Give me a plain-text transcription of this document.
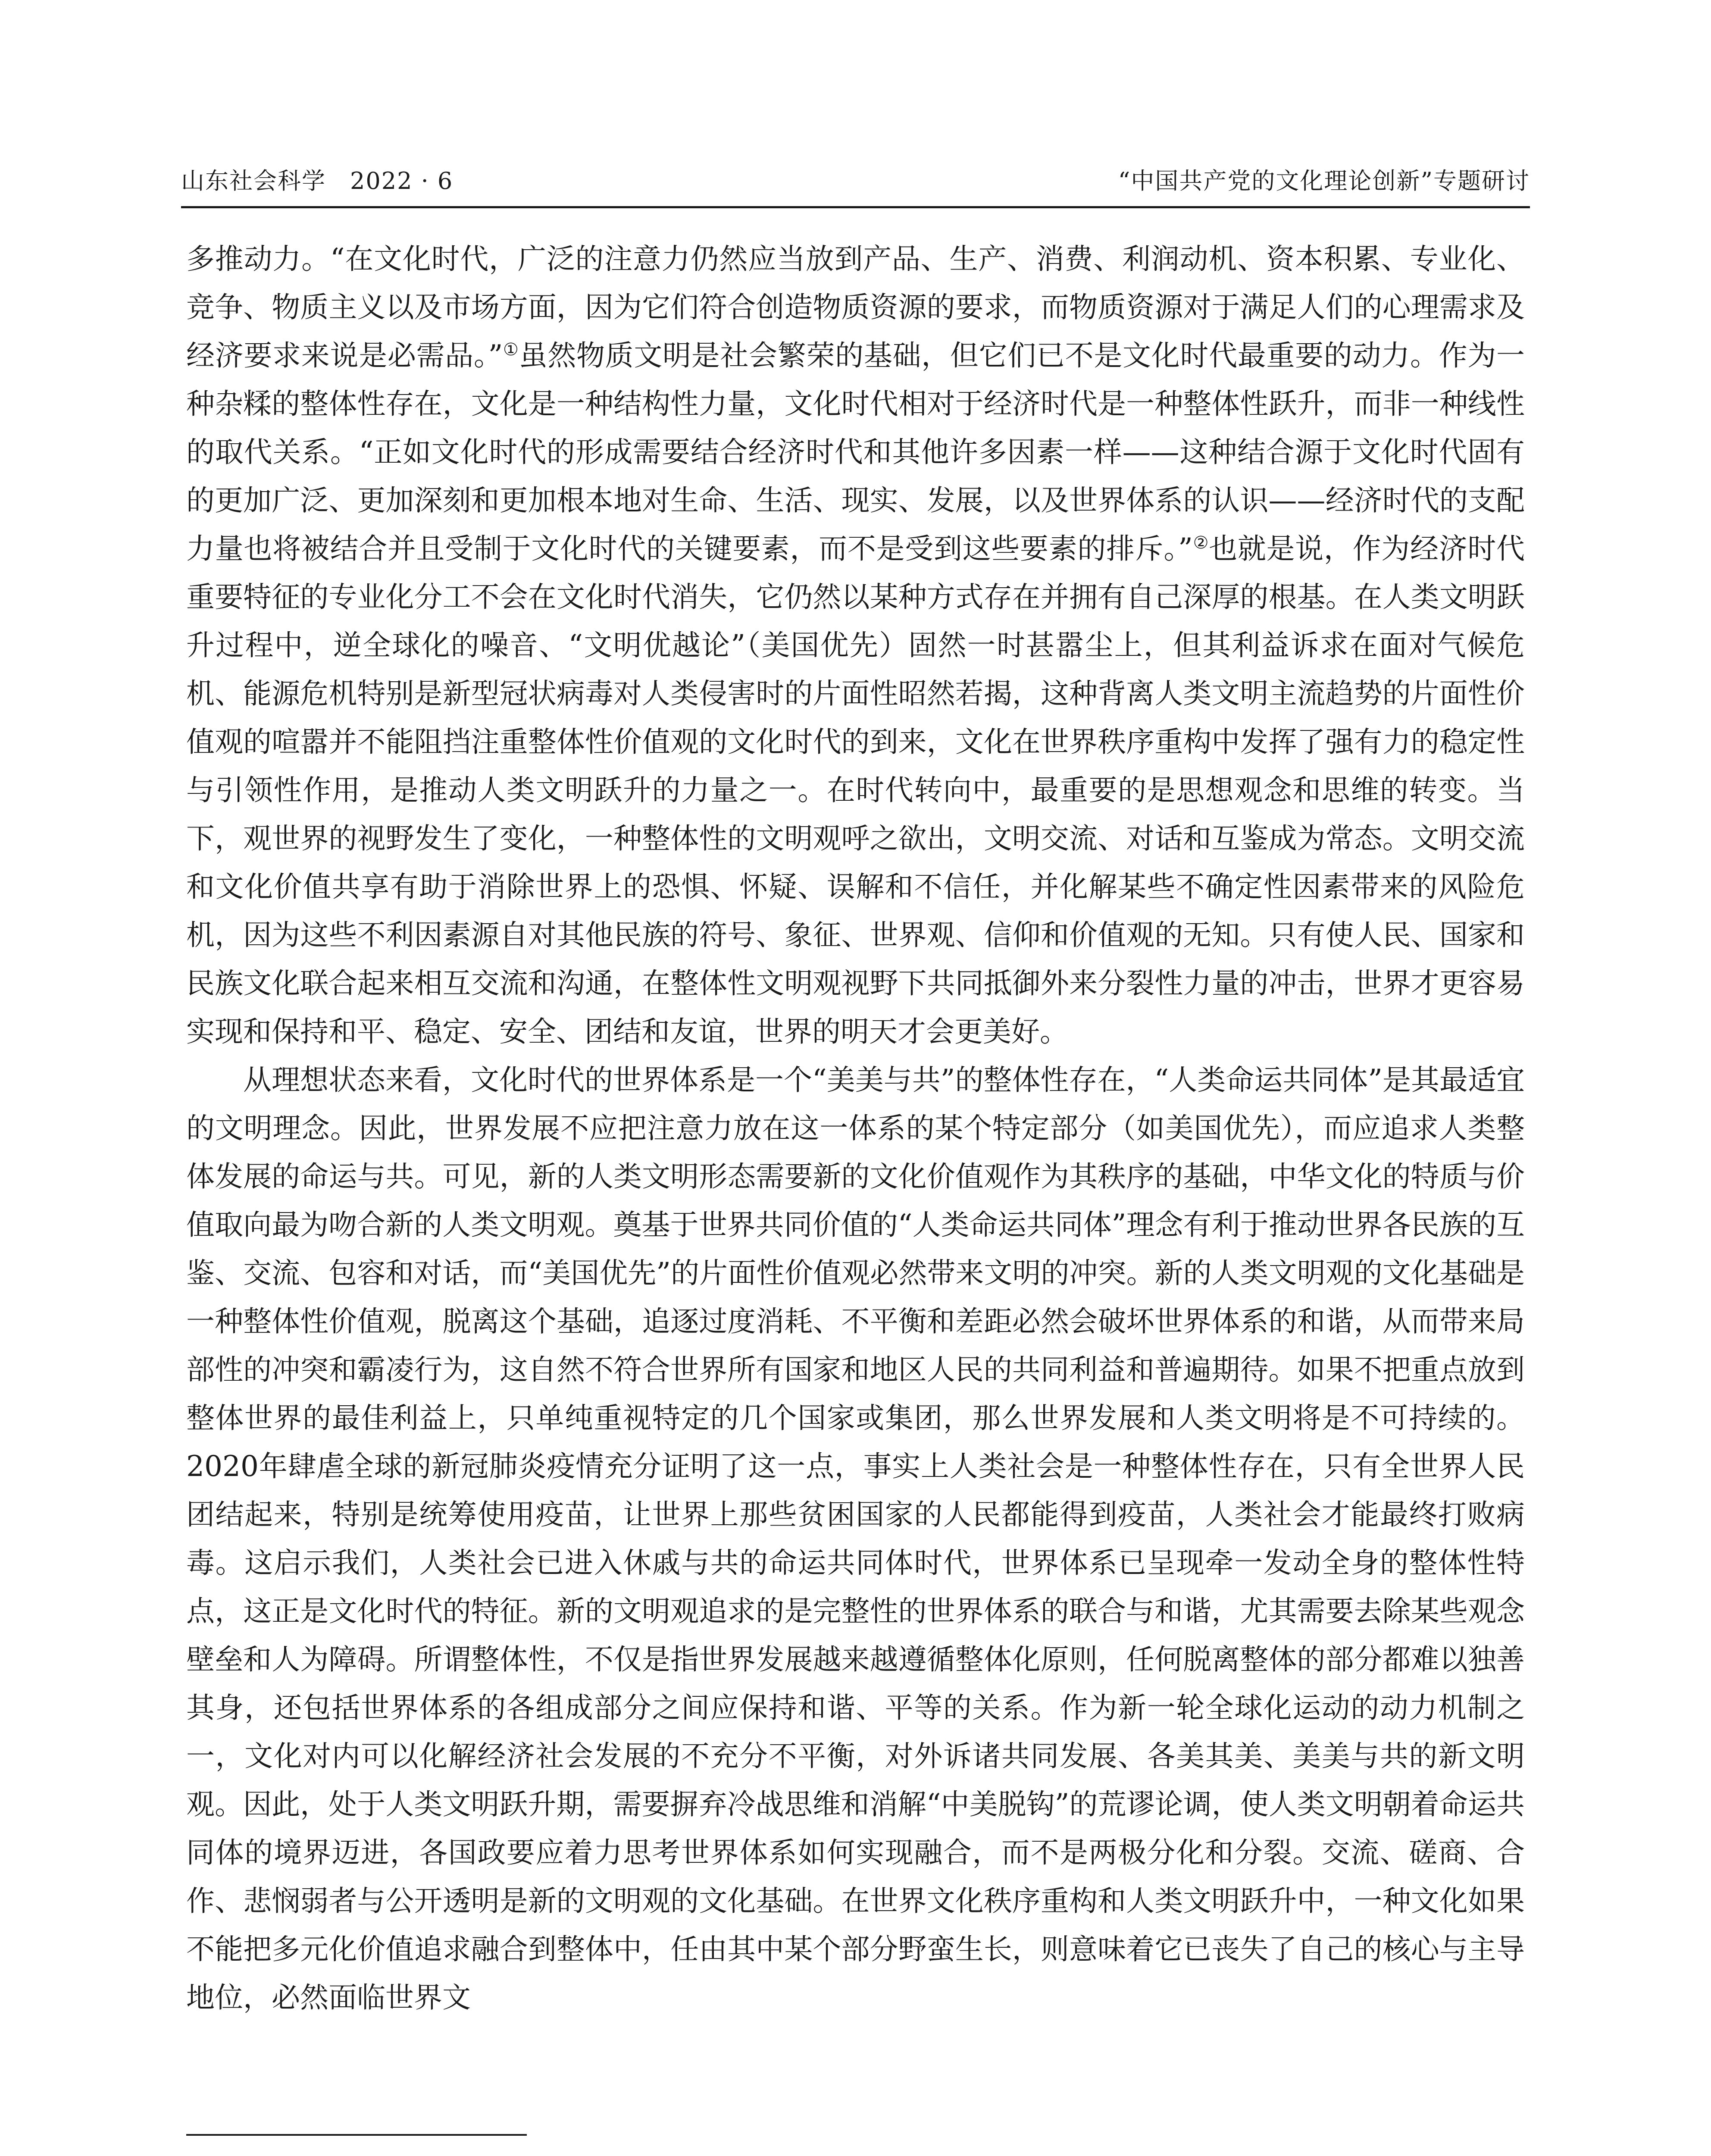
山东社会科学　2022 · 6	“中国共产党的文化理论创新”专题研讨

多推动力。“在文化时代，广泛的注意力仍然应当放到产品、生产、消费、利润动机、资本积累、专业化、竞争、物质主义以及市场方面，因为它们符合创造物质资源的要求，而物质资源对于满足人们的心理需求及经济要求来说是必需品。”①虽然物质文明是社会繁荣的基础，但它们已不是文化时代最重要的动力。作为一种杂糅的整体性存在，文化是一种结构性力量，文化时代相对于经济时代是一种整体性跃升，而非一种线性的取代关系。“正如文化时代的形成需要结合经济时代和其他许多因素一样——这种结合源于文化时代固有的更加广泛、更加深刻和更加根本地对生命、生活、现实、发展，以及世界体系的认识——经济时代的支配力量也将被结合并且受制于文化时代的关键要素，而不是受到这些要素的排斥。”②也就是说，作为经济时代重要特征的专业化分工不会在文化时代消失，它仍然以某种方式存在并拥有自己深厚的根基。在人类文明跃升过程中，逆全球化的噪音、“文明优越论”（美国优先）固然一时甚嚣尘上，但其利益诉求在面对气候危机、能源危机特别是新型冠状病毒对人类侵害时的片面性昭然若揭，这种背离人类文明主流趋势的片面性价值观的喧嚣并不能阻挡注重整体性价值观的文化时代的到来，文化在世界秩序重构中发挥了强有力的稳定性与引领性作用，是推动人类文明跃升的力量之一。在时代转向中，最重要的是思想观念和思维的转变。当下，观世界的视野发生了变化，一种整体性的文明观呼之欲出，文明交流、对话和互鉴成为常态。文明交流和文化价值共享有助于消除世界上的恐惧、怀疑、误解和不信任，并化解某些不确定性因素带来的风险危机，因为这些不利因素源自对其他民族的符号、象征、世界观、信仰和价值观的无知。只有使人民、国家和民族文化联合起来相互交流和沟通，在整体性文明观视野下共同抵御外来分裂性力量的冲击，世界才更容易实现和保持和平、稳定、安全、团结和友谊，世界的明天才会更美好。

从理想状态来看，文化时代的世界体系是一个“美美与共”的整体性存在，“人类命运共同体”是其最适宜的文明理念。因此，世界发展不应把注意力放在这一体系的某个特定部分（如美国优先），而应追求人类整体发展的命运与共。可见，新的人类文明形态需要新的文化价值观作为其秩序的基础，中华文化的特质与价值取向最为吻合新的人类文明观。奠基于世界共同价值的“人类命运共同体”理念有利于推动世界各民族的互鉴、交流、包容和对话，而“美国优先”的片面性价值观必然带来文明的冲突。新的人类文明观的文化基础是一种整体性价值观，脱离这个基础，追逐过度消耗、不平衡和差距必然会破坏世界体系的和谐，从而带来局部性的冲突和霸凌行为，这自然不符合世界所有国家和地区人民的共同利益和普遍期待。如果不把重点放到整体世界的最佳利益上，只单纯重视特定的几个国家或集团，那么世界发展和人类文明将是不可持续的。2020年肆虐全球的新冠肺炎疫情充分证明了这一点，事实上人类社会是一种整体性存在，只有全世界人民团结起来，特别是统筹使用疫苗，让世界上那些贫困国家的人民都能得到疫苗，人类社会才能最终打败病毒。这启示我们，人类社会已进入休戚与共的命运共同体时代，世界体系已呈现牵一发动全身的整体性特点，这正是文化时代的特征。新的文明观追求的是完整性的世界体系的联合与和谐，尤其需要去除某些观念壁垒和人为障碍。所谓整体性，不仅是指世界发展越来越遵循整体化原则，任何脱离整体的部分都难以独善其身，还包括世界体系的各组成部分之间应保持和谐、平等的关系。作为新一轮全球化运动的动力机制之一，文化对内可以化解经济社会发展的不充分不平衡，对外诉诸共同发展、各美其美、美美与共的新文明观。因此，处于人类文明跃升期，需要摒弃冷战思维和消解“中美脱钩”的荒谬论调，使人类文明朝着命运共同体的境界迈进，各国政要应着力思考世界体系如何实现融合，而不是两极分化和分裂。交流、磋商、合作、悲悯弱者与公开透明是新的文明观的文化基础。在世界文化秩序重构和人类文明跃升中，一种文化如果不能把多元化价值追求融合到整体中，任由其中某个部分野蛮生长，则意味着它已丧失了自己的核心与主导地位，必然面临世界文
